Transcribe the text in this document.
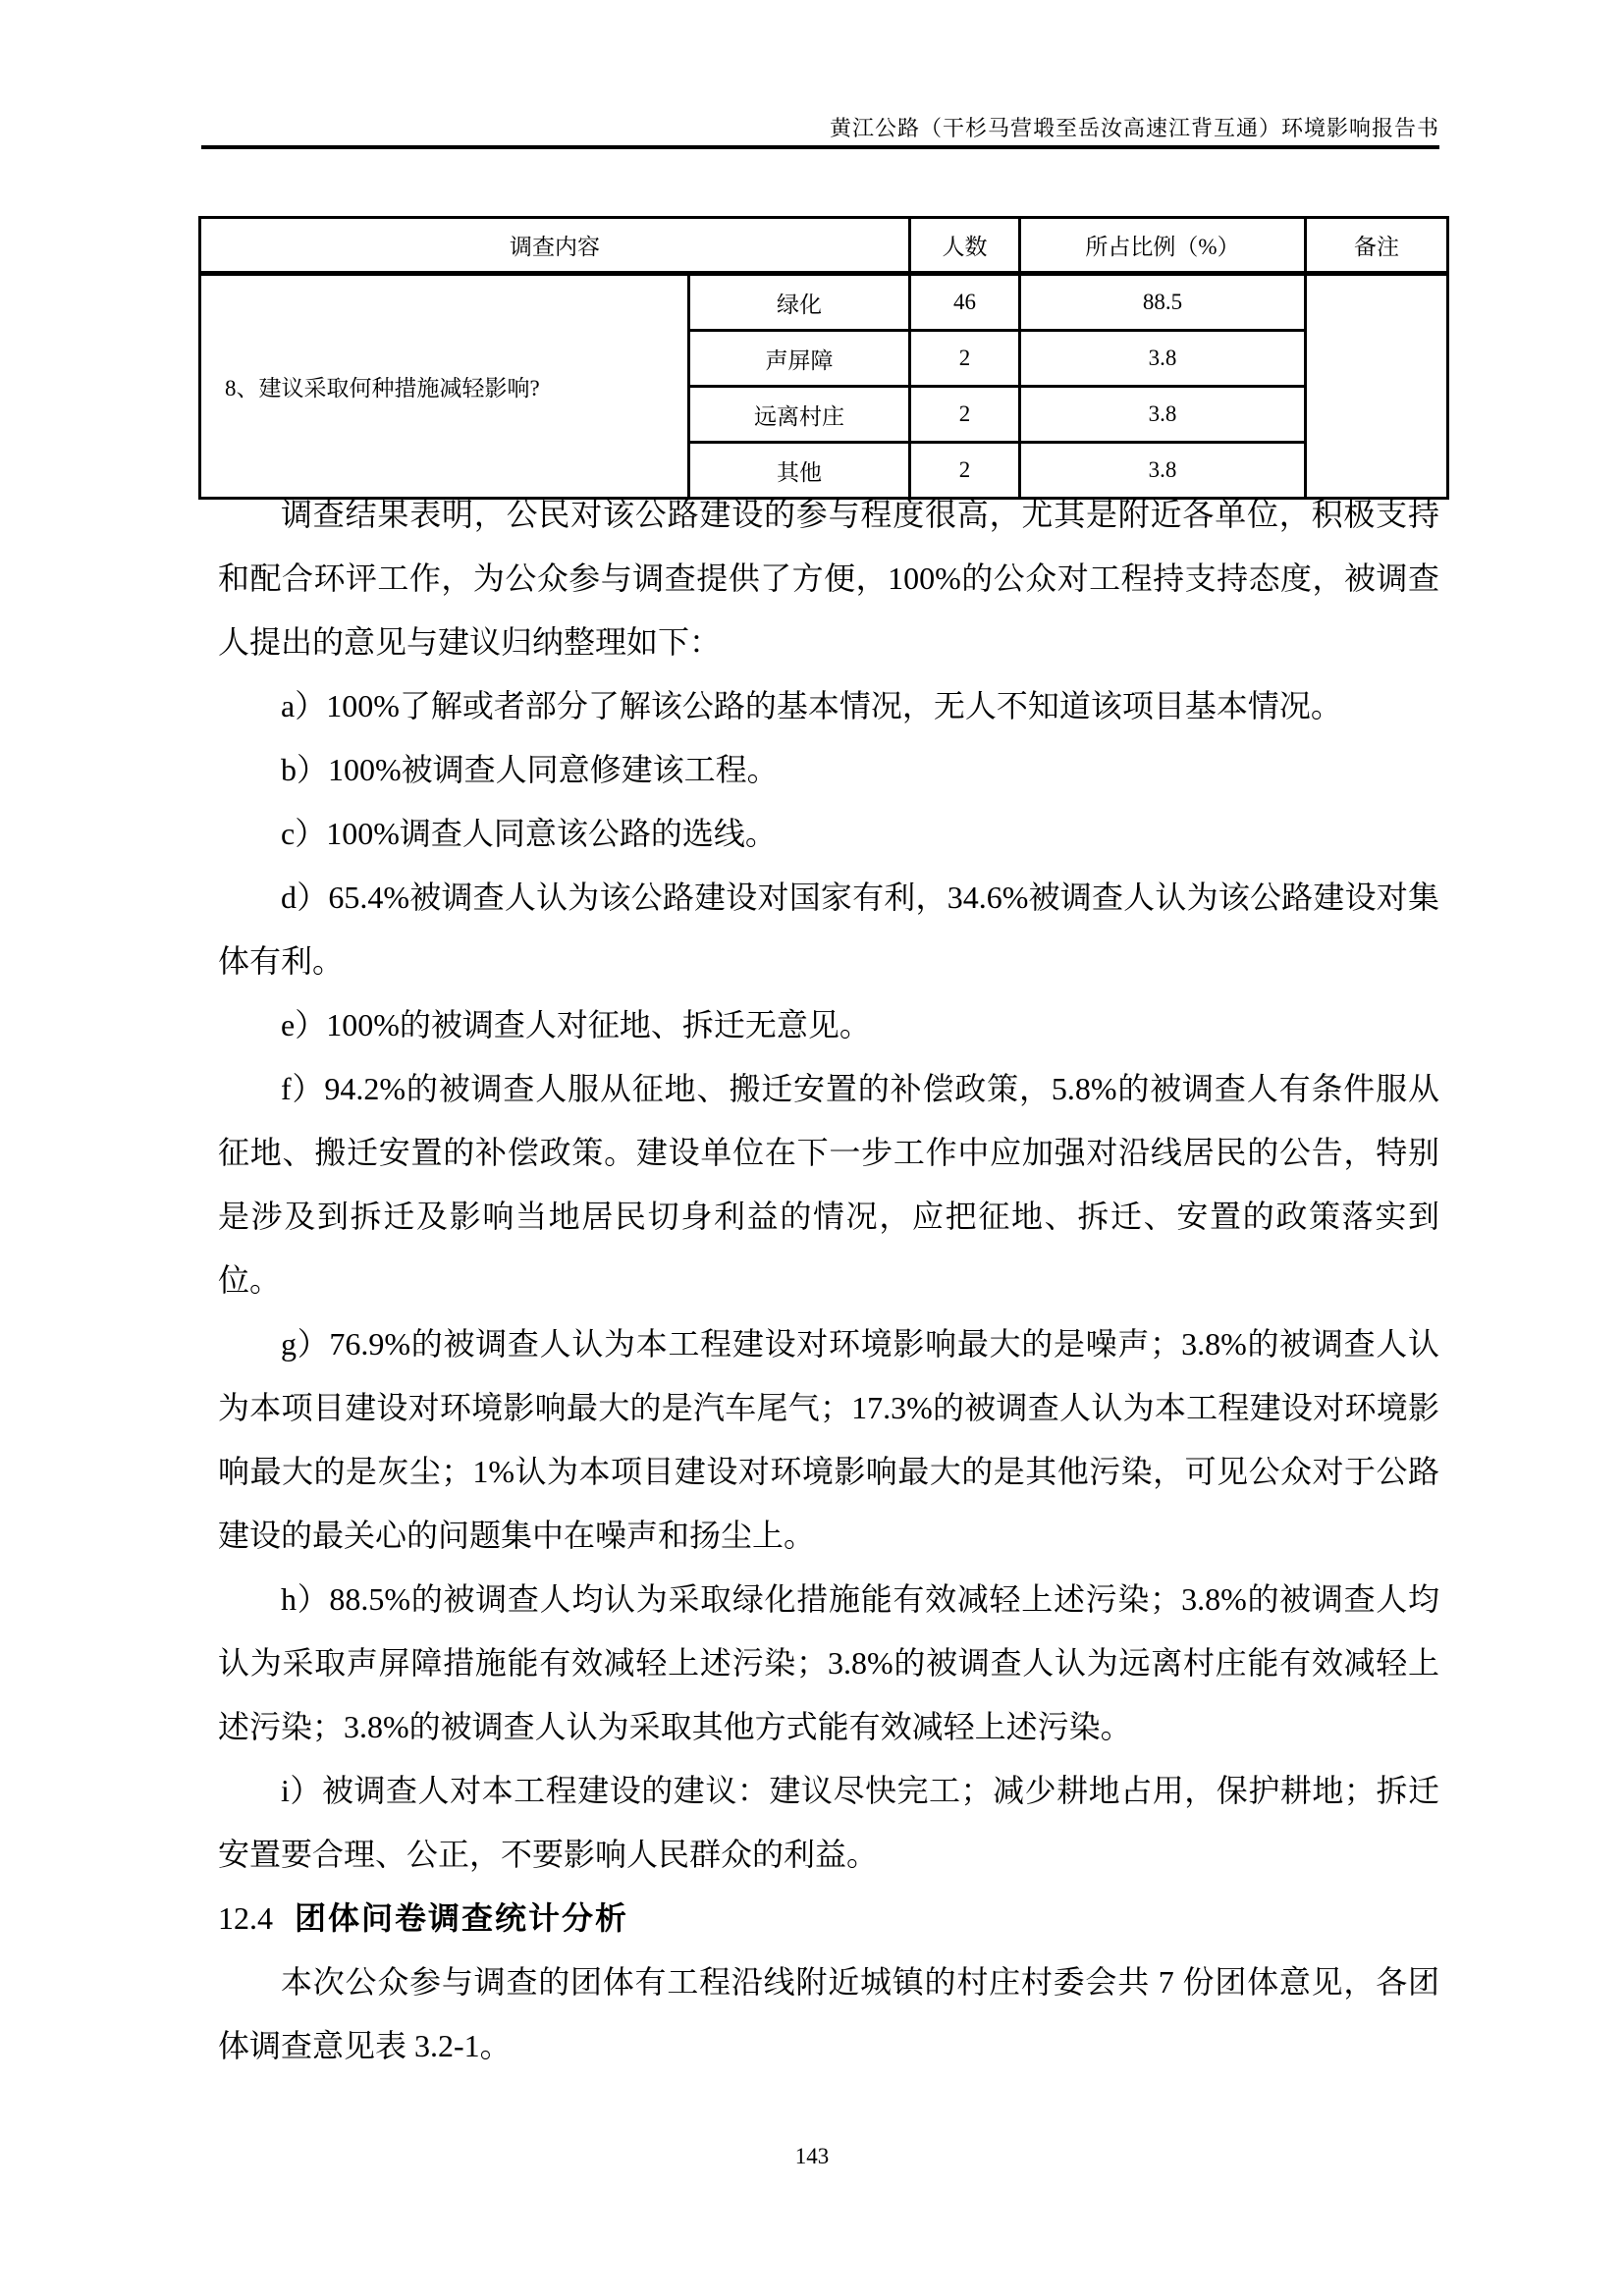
黄江公路（干杉马营塅至岳汝高速江背互通）环境影响报告书
调查内容		人数	所占比例（%）	备注
8、建议采取何种措施减轻影响?	绿化	46	88.5	
	声屏障	2	3.8	
	远离村庄	2	3.8	
	其他	2	3.8	

调查结果表明，公民对该公路建设的参与程度很高，尤其是附近各单位，积极支持和配合环评工作，为公众参与调查提供了方便，100%的公众对工程持支持态度，被调查人提出的意见与建议归纳整理如下：

a）100%了解或者部分了解该公路的基本情况，无人不知道该项目基本情况。

b）100%被调查人同意修建该工程。

c）100%调查人同意该公路的选线。

d）65.4%被调查人认为该公路建设对国家有利，34.6%被调查人认为该公路建设对集体有利。

e）100%的被调查人对征地、拆迁无意见。

f）94.2%的被调查人服从征地、搬迁安置的补偿政策，5.8%的被调查人有条件服从征地、搬迁安置的补偿政策。建设单位在下一步工作中应加强对沿线居民的公告，特别是涉及到拆迁及影响当地居民切身利益的情况，应把征地、拆迁、安置的政策落实到位。

g）76.9%的被调查人认为本工程建设对环境影响最大的是噪声；3.8%的被调查人认为本项目建设对环境影响最大的是汽车尾气；17.3%的被调查人认为本工程建设对环境影响最大的是灰尘；1%认为本项目建设对环境影响最大的是其他污染，可见公众对于公路建设的最关心的问题集中在噪声和扬尘上。

h）88.5%的被调查人均认为采取绿化措施能有效减轻上述污染；3.8%的被调查人均认为采取声屏障措施能有效减轻上述污染；3.8%的被调查人认为远离村庄能有效减轻上述污染；3.8%的被调查人认为采取其他方式能有效减轻上述污染。

i）被调查人对本工程建设的建议：建议尽快完工；减少耕地占用，保护耕地；拆迁安置要合理、公正，不要影响人民群众的利益。

12.4 团体问卷调查统计分析

本次公众参与调查的团体有工程沿线附近城镇的村庄村委会共 7 份团体意见，各团体调查意见表 3.2-1。

143
